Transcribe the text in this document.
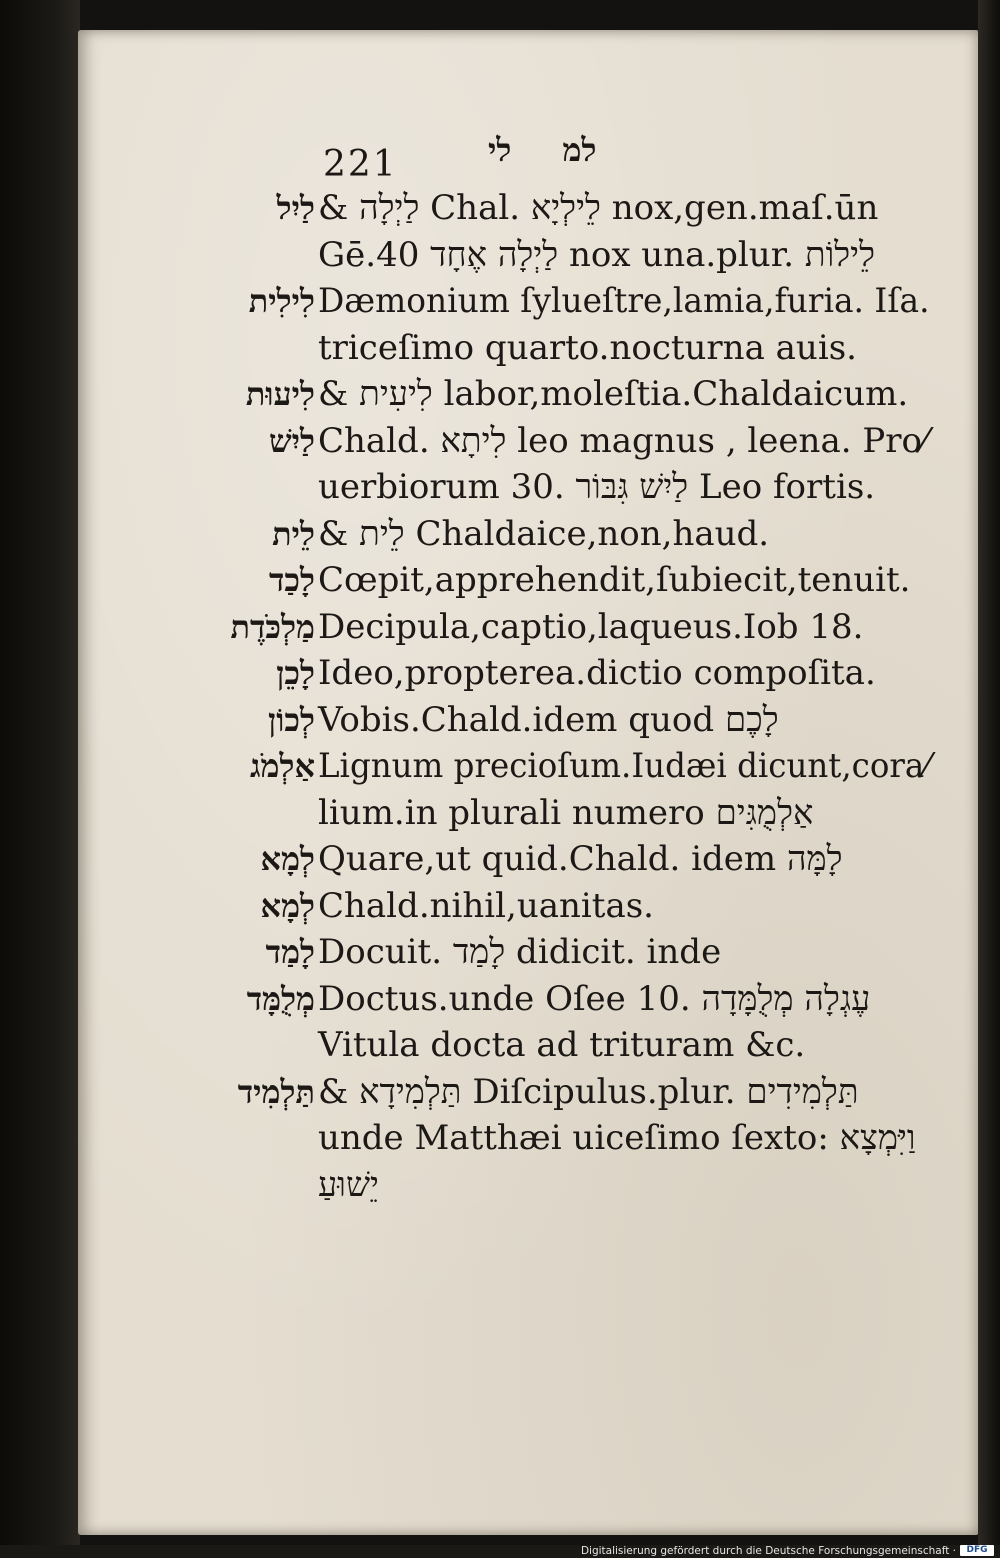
221	למ לי
לַיִל & לַיְלָה Chal. לֵילְיָא nox,gen.maſ.ūn
Gē.40 לַיְלָה אֶחָד nox una.plur. לֵילוֹת
לִילִית Dæmonium ſylueſtre,lamia,furia. Iſa.
triceſimo quarto.nocturna auis.
לִיעוּת & לִיעִית labor,moleſtia.Chaldaicum.
לַיִשׁ Chald. לִיתָא leo magnus , leena. Pro⁄
uerbiorum 30. לַיִשׁ גִּבּוֹר Leo fortis.
לֵית & לֵית Chaldaice,non,haud.
לָכַד Cœpit,apprehendit,ſubiecit,tenuit.
מַלְכֹּדֶת Decipula,captio,laqueus.Iob 18.
לָכֵן Ideo,propterea.dictio compoſita.
לְכוֹן Vobis.Chald.idem quod לָכֶם
אַלְמֹג Lignum precioſum.Iudæi dicunt,cora⁄
lium.in plurali numero אַלְמֻגִּים
לְמָא Quare,ut quid.Chald. idem לָמָּה
לְמָא Chald.nihil,uanitas.
לָמַד Docuit. לָמַד didicit. inde
מְלֻמָּד Doctus.unde Oſee 10. עֶגְלָה מְלֻמָּדָה
Vitula docta ad trituram &c.
תַּלְמִיד & תַּלְמִידָא Diſcipulus.plur. תַּלְמִידִים
unde Matthæi uiceſimo ſexto: וַיִּמְצָא
יֵשׁוּעַ
Digitalisierung gefördert durch die Deutsche Forschungsgemeinschaft ·	DFG
